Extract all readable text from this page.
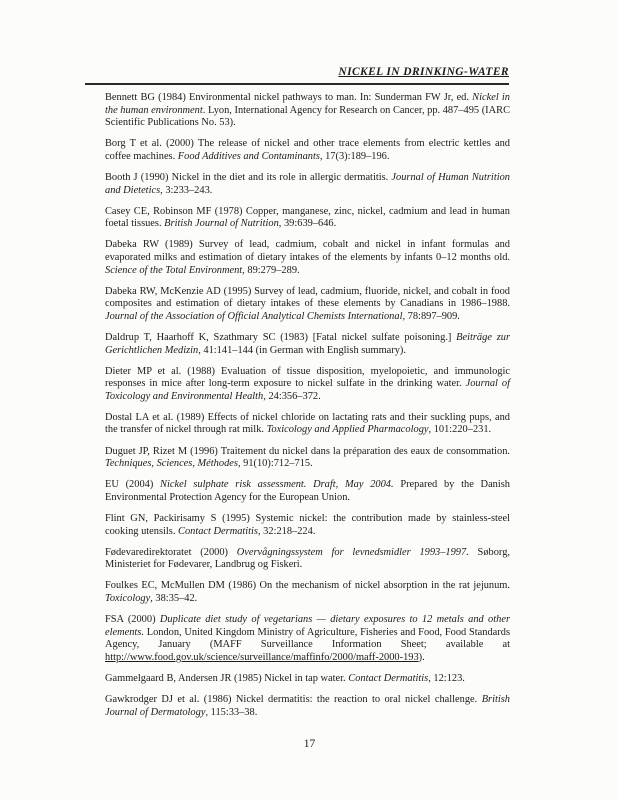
NICKEL IN DRINKING-WATER

Bennett BG (1984) Environmental nickel pathways to man. In: Sunderman FW Jr, ed. Nickel in the human environment. Lyon, International Agency for Research on Cancer, pp. 487–495 (IARC Scientific Publications No. 53).

Borg T et al. (2000) The release of nickel and other trace elements from electric kettles and coffee machines. Food Additives and Contaminants, 17(3):189–196.

Booth J (1990) Nickel in the diet and its role in allergic dermatitis. Journal of Human Nutrition and Dietetics, 3:233–243.

Casey CE, Robinson MF (1978) Copper, manganese, zinc, nickel, cadmium and lead in human foetal tissues. British Journal of Nutrition, 39:639–646.

Dabeka RW (1989) Survey of lead, cadmium, cobalt and nickel in infant formulas and evaporated milks and estimation of dietary intakes of the elements by infants 0–12 months old. Science of the Total Environment, 89:279–289.

Dabeka RW, McKenzie AD (1995) Survey of lead, cadmium, fluoride, nickel, and cobalt in food composites and estimation of dietary intakes of these elements by Canadians in 1986–1988. Journal of the Association of Official Analytical Chemists International, 78:897–909.

Daldrup T, Haarhoff K, Szathmary SC (1983) [Fatal nickel sulfate poisoning.] Beiträge zur Gerichtlichen Medizin, 41:141–144 (in German with English summary).

Dieter MP et al. (1988) Evaluation of tissue disposition, myelopoietic, and immunologic responses in mice after long-term exposure to nickel sulfate in the drinking water. Journal of Toxicology and Environmental Health, 24:356–372.

Dostal LA et al. (1989) Effects of nickel chloride on lactating rats and their suckling pups, and the transfer of nickel through rat milk. Toxicology and Applied Pharmacology, 101:220–231.

Duguet JP, Rizet M (1996) Traitement du nickel dans la préparation des eaux de consommation. Techniques, Sciences, Méthodes, 91(10):712–715.

EU (2004) Nickel sulphate risk assessment. Draft, May 2004. Prepared by the Danish Environmental Protection Agency for the European Union.

Flint GN, Packirisamy S (1995) Systemic nickel: the contribution made by stainless-steel cooking utensils. Contact Dermatitis, 32:218–224.

Fødevaredirektoratet (2000) Overvågningssystem for levnedsmidler 1993–1997. Søborg, Ministeriet for Fødevarer, Landbrug og Fiskeri.

Foulkes EC, McMullen DM (1986) On the mechanism of nickel absorption in the rat jejunum. Toxicology, 38:35–42.

FSA (2000) Duplicate diet study of vegetarians — dietary exposures to 12 metals and other elements. London, United Kingdom Ministry of Agriculture, Fisheries and Food, Food Standards Agency, January (MAFF Surveillance Information Sheet; available at http://www.food.gov.uk/science/surveillance/maffinfo/2000/maff-2000-193).

Gammelgaard B, Andersen JR (1985) Nickel in tap water. Contact Dermatitis, 12:123.

Gawkrodger DJ et al. (1986) Nickel dermatitis: the reaction to oral nickel challenge. British Journal of Dermatology, 115:33–38.

17
